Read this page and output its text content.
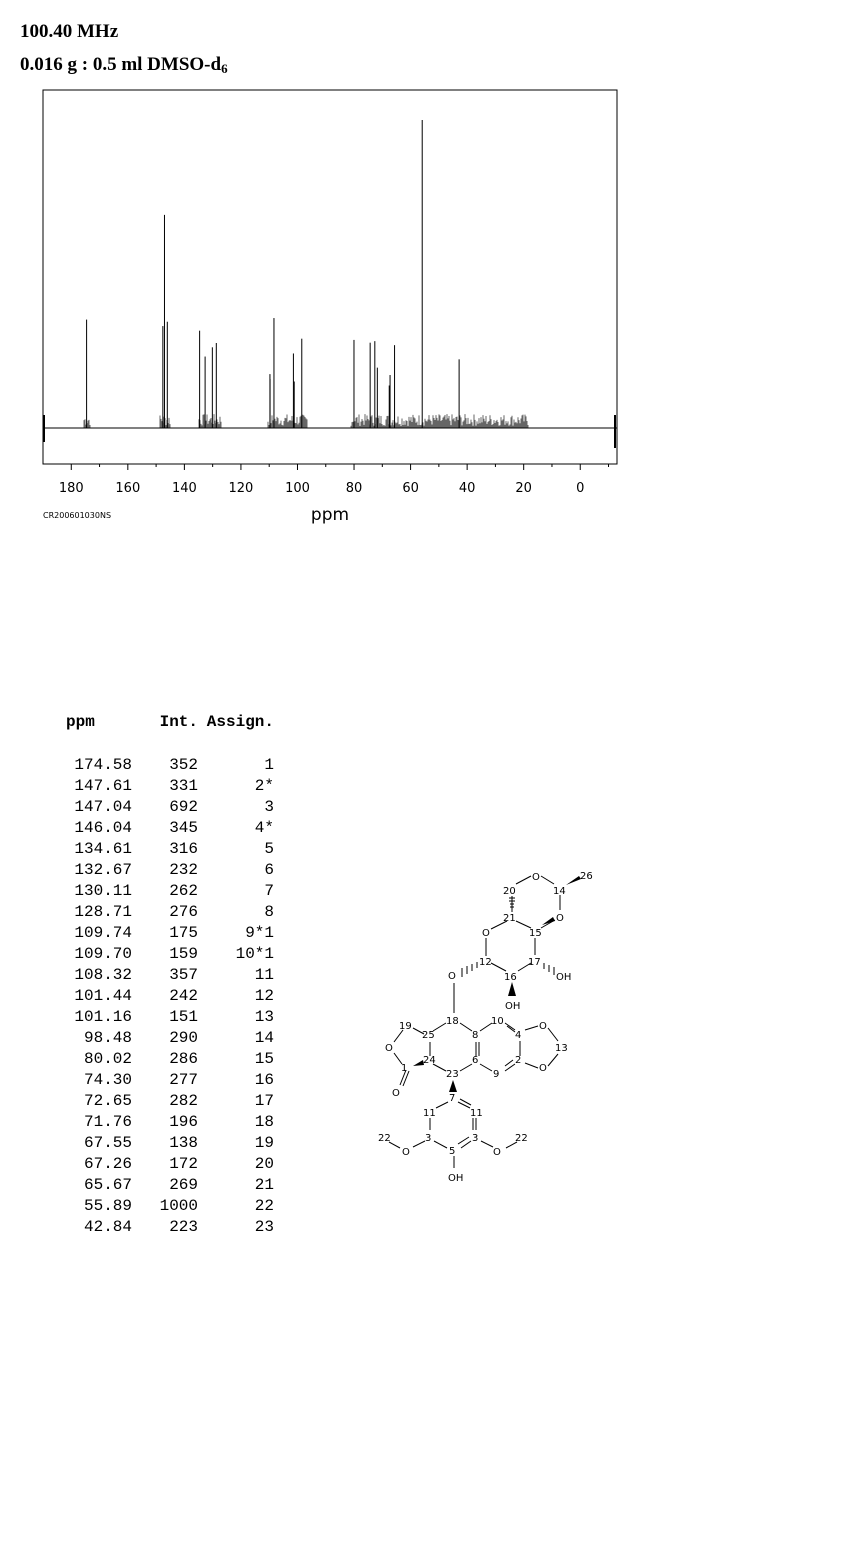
100.40 MHz
0.016 g : 0.5 ml DMSO-$d_6$
180 160 140 120 100	80	60	40	20	0
ppm
CR200601030NS
ppm	Int.	Assign.

174.58	352	1
147.61	331	2*
147.04	692	3
146.04	345	4*
134.61	316	5
132.67	232	6
130.11	262	7
128.71	276	8
109.74	175	9*1
109.70	159	10*1
108.32	357	11
101.44	242	12
101.16	151	13
98.48	290	14
80.02	286	15
74.30	277	16
72.65	282	17
71.76	196	18
67.55	138	19
67.26	172	20
65.67	269	21
55.89	1000	22
42.84	223	23
O
O
O
O	OH
OH
O
O
O
O
O	O
OH
26
20	14
21
15
12	17
16
18	10
19
25	8	4
13
24	6	2
1
23	9
7
11	11
22	3	3	22
5
